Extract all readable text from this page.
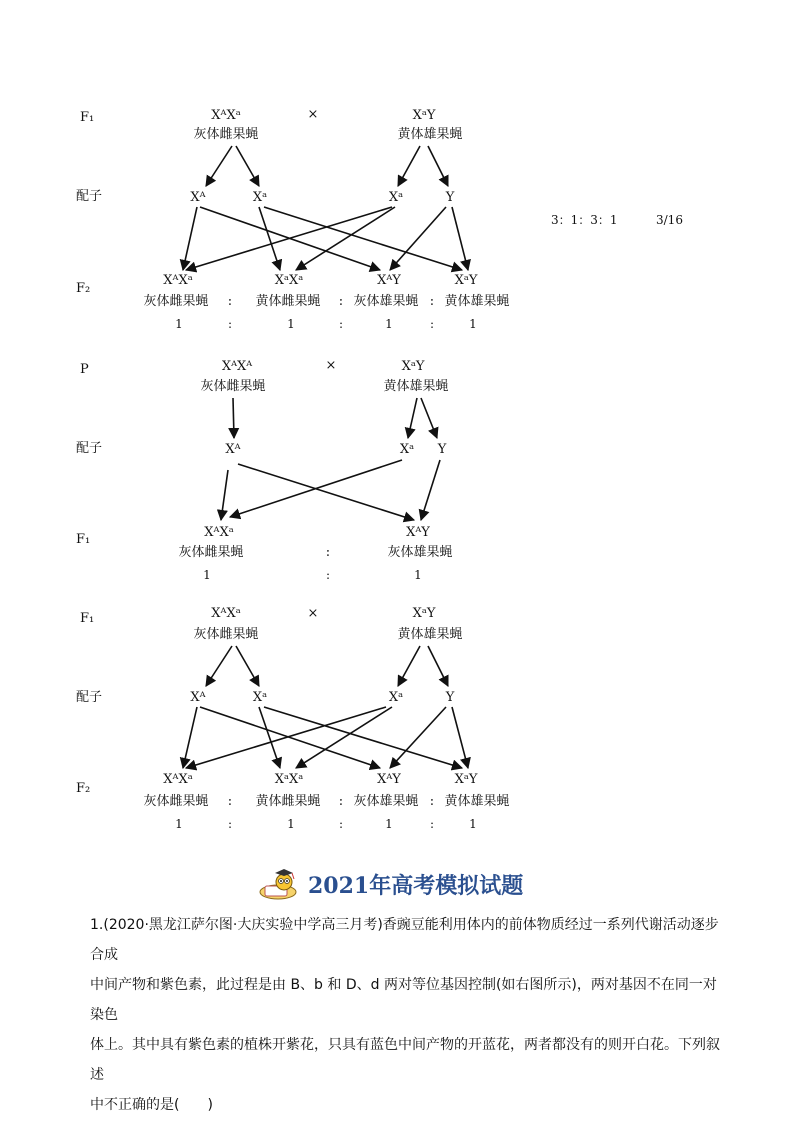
F₁	XᴬXᵃ
灰体雌果蝇
×	XᵃY
黄体雄果蝇
配子	Xᴬ	Xᵃ	Xᵃ	Y
F₂
XᴬXᵃ	XᵃXᵃ	XᴬY	XᵃY
灰体雌果蝇 : 黄体雌果蝇 : 灰体雄果蝇 : 黄体雄果蝇
1	:	1	:	1	:	1
3：1：3：1	3/16
P	XᴬXᴬ
灰体雌果蝇
×	XᵃY
黄体雄果蝇
配子	Xᴬ	Xᵃ Y
F₁	XᴬXᵃ	XᴬY
灰体雌果蝇	:	灰体雄果蝇
1	:	1
F₁	XᴬXᵃ
灰体雌果蝇
×	XᵃY
黄体雄果蝇
配子	Xᴬ	Xᵃ	Xᵃ	Y
F₂
XᴬXᵃ	XᵃXᵃ	XᴬY	XᵃY
灰体雌果蝇 : 黄体雌果蝇 : 灰体雄果蝇 : 黄体雄果蝇
1	:	1	:	1	:	1
2021年高考模拟试题

1.(2020·黑龙江萨尔图·大庆实验中学高三月考)香豌豆能利用体内的前体物质经过一系列代谢活动逐步合成

中间产物和紫色素，此过程是由 B、b 和 D、d 两对等位基因控制(如右图所示)，两对基因不在同一对染色

体上。其中具有紫色素的植株开紫花，只具有蓝色中间产物的开蓝花，两者都没有的则开白花。下列叙述

中不正确的是(　　)
